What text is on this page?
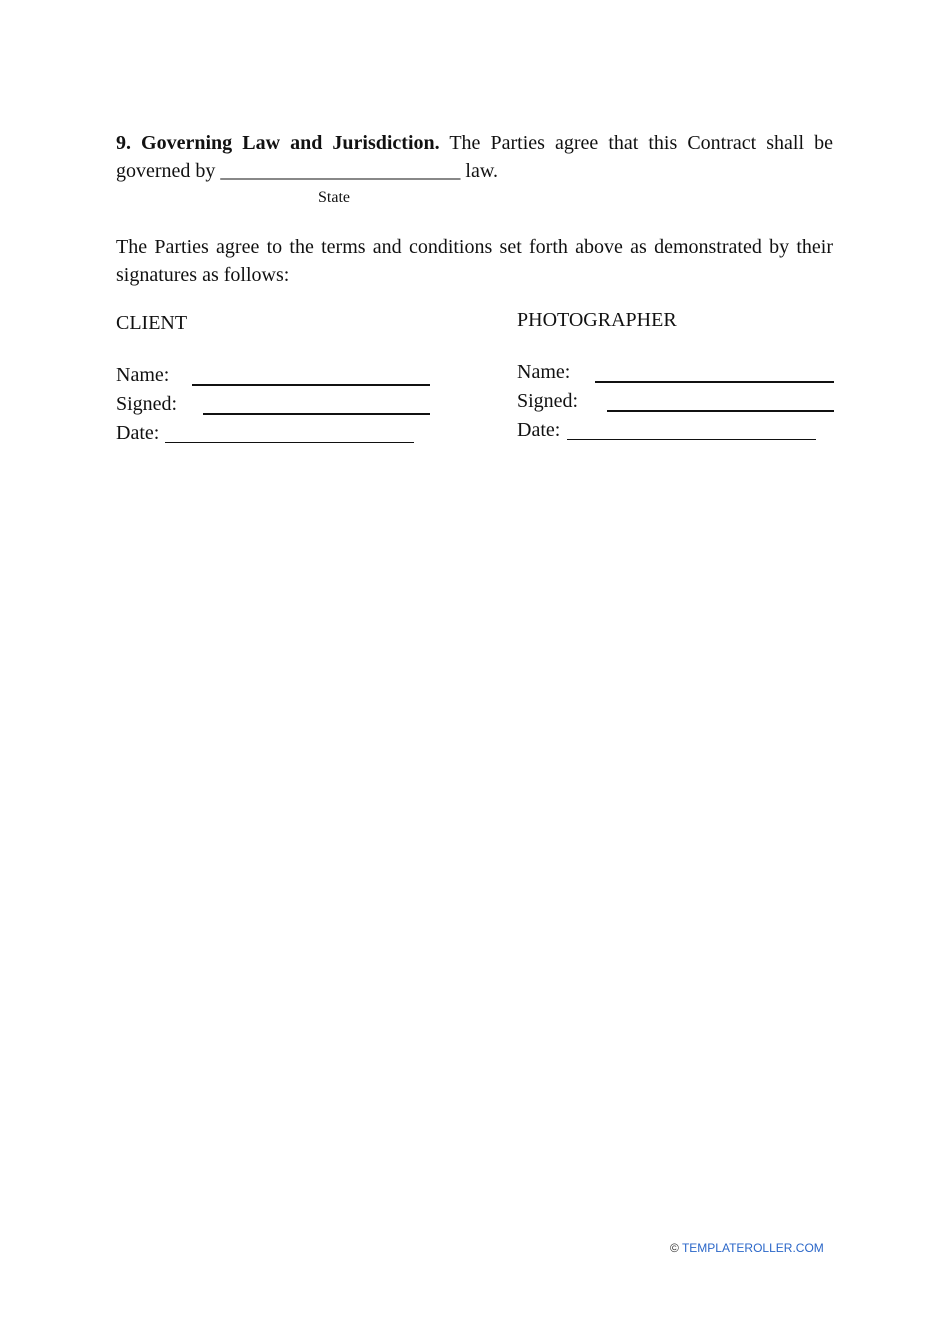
9. Governing Law and Jurisdiction. The Parties agree that this Contract shall be governed by ________________________ law.

State

The Parties agree to the terms and conditions set forth above as demonstrated by their signatures as follows:

CLIENT
Name:
Signed:
Date:
PHOTOGRAPHER
Name:
Signed:
Date:
© TEMPLATEROLLER.COM
